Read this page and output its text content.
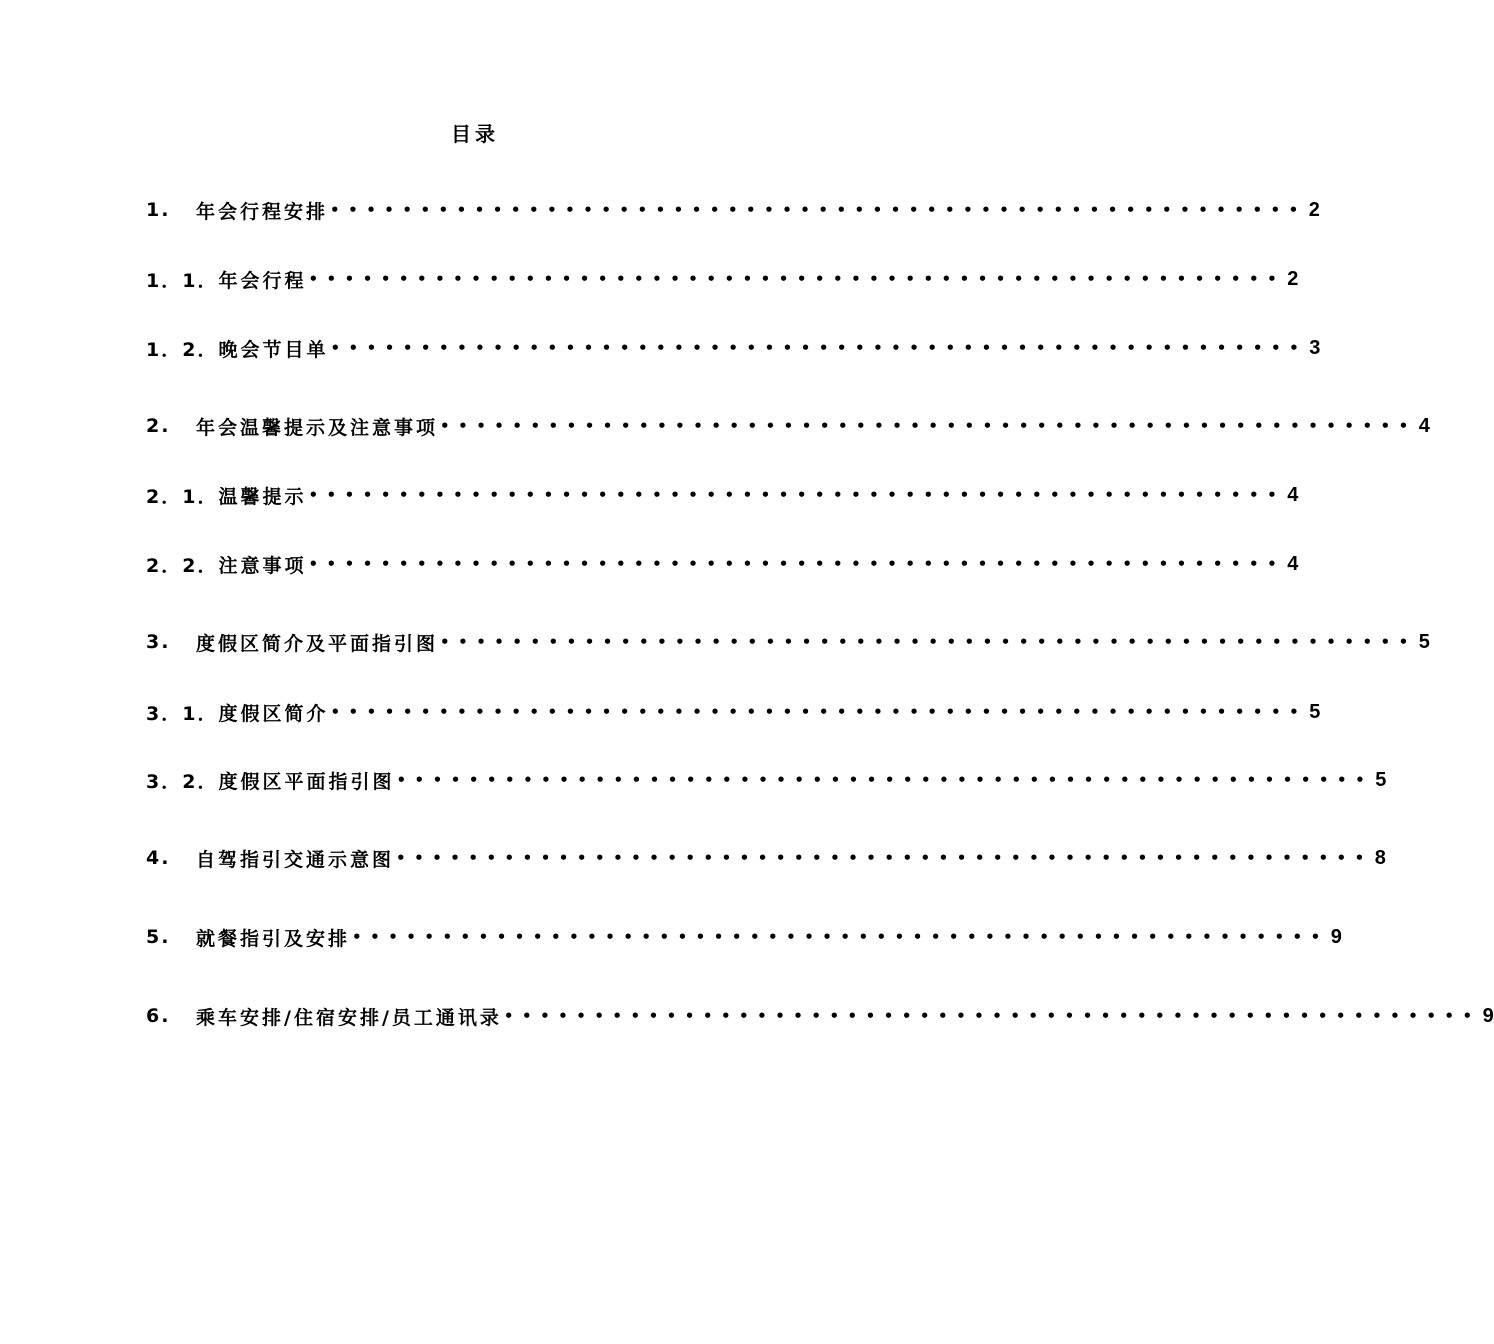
目录
1.	年会行程安排 •••••••••••••••••••••••••••••••••••••••••••••••••••••• 2
1．1． 年会行程 •••••••••••••••••••••••••••••••••••••••••••••••••••••• 2
1．2． 晚会节目单 •••••••••••••••••••••••••••••••••••••••••••••••••••••• 3
2.	年会温馨提示及注意事项 •••••••••••••••••••••••••••••••••••••••••••••••••••••• 4
2．1． 温馨提示 •••••••••••••••••••••••••••••••••••••••••••••••••••••• 4
2．2． 注意事项 •••••••••••••••••••••••••••••••••••••••••••••••••••••• 4
3.	度假区简介及平面指引图 •••••••••••••••••••••••••••••••••••••••••••••••••••••• 5
3．1． 度假区简介 •••••••••••••••••••••••••••••••••••••••••••••••••••••• 5
3．2． 度假区平面指引图 •••••••••••••••••••••••••••••••••••••••••••••••••••••• 5
4.	自驾指引交通示意图 •••••••••••••••••••••••••••••••••••••••••••••••••••••• 8
5.	就餐指引及安排 •••••••••••••••••••••••••••••••••••••••••••••••••••••• 9
6.	乘车安排/住宿安排/员工通讯录 •••••••••••••••••••••••••••••••••••••••••••••••••••••• 9
